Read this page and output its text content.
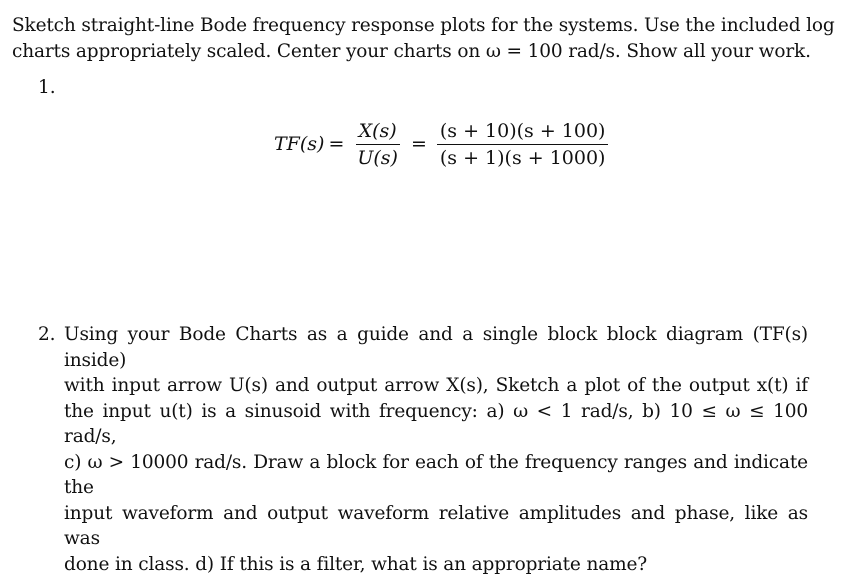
Sketch straight-line Bode frequency response plots for the systems. Use the included log
charts appropriately scaled. Center your charts on ω = 100 rad/s. Show all your work.
1.
$TF(s) = \frac{X(s)}{U(s)} = \frac{(s + 10)(s + 100)}{(s + 1)(s + 1000)}$
2. Using your Bode Charts as a guide and a single block block diagram (TF(s) inside)
with input arrow U(s) and output arrow X(s), Sketch a plot of the output x(t) if
the input u(t) is a sinusoid with frequency: a) ω < 1 rad/s, b) 10 ≤ ω ≤ 100 rad/s,
c) ω > 10000 rad/s. Draw a block for each of the frequency ranges and indicate the
input waveform and output waveform relative amplitudes and phase, like as was
done in class. d) If this is a filter, what is an appropriate name?
